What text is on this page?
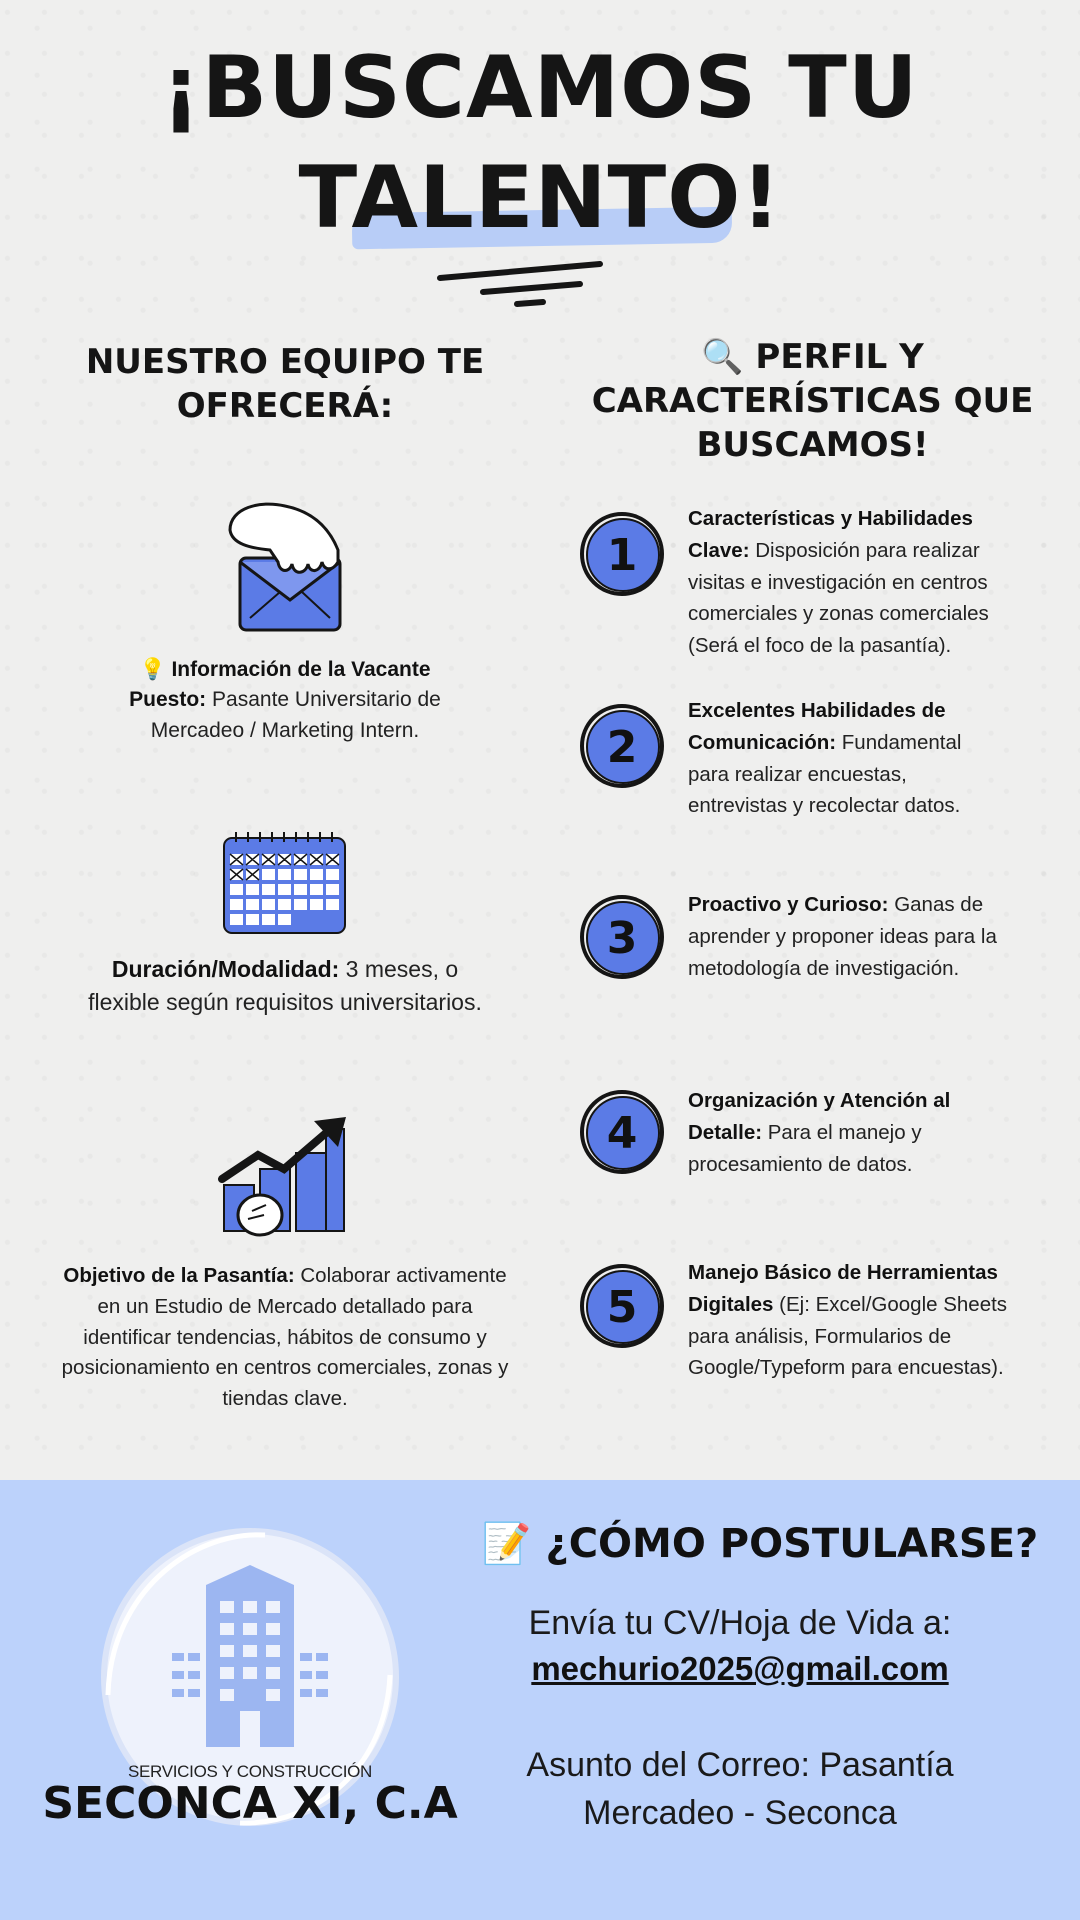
¡BUSCAMOS TU
TALENTO!
NUESTRO EQUIPO TE
OFRECERÁ:
🔍 PERFIL Y
CARACTERÍSTICAS QUE
BUSCAMOS!
💡 Información de la Vacante
Puesto: Pasante Universitario de
Mercadeo / Marketing Intern.
Duración/Modalidad: 3 meses, o
flexible según requisitos universitarios.
Objetivo de la Pasantía: Colaborar activamente
en un Estudio de Mercado detallado para
identificar tendencias, hábitos de consumo y
posicionamiento en centros comerciales, zonas y
tiendas clave.
1
Características y Habilidades
Clave: Disposición para realizar
visitas e investigación en centros
comerciales y zonas comerciales
(Será el foco de la pasantía).
2
Excelentes Habilidades de
Comunicación: Fundamental
para realizar encuestas,
entrevistas y recolectar datos.
3
Proactivo y Curioso: Ganas de
aprender y proponer ideas para la
metodología de investigación.
4
Organización y Atención al
Detalle: Para el manejo y
procesamiento de datos.
5
Manejo Básico de Herramientas
Digitales (Ej: Excel/Google Sheets
para análisis, Formularios de
Google/Typeform para encuestas).
SERVICIOS Y CONSTRUCCIÓN
SECONCA XI, C.A
📝 ¿CÓMO POSTULARSE?
Envía tu CV/Hoja de Vida a:
mechurio2025@gmail.com
Asunto del Correo: Pasantía
Mercadeo - Seconca
